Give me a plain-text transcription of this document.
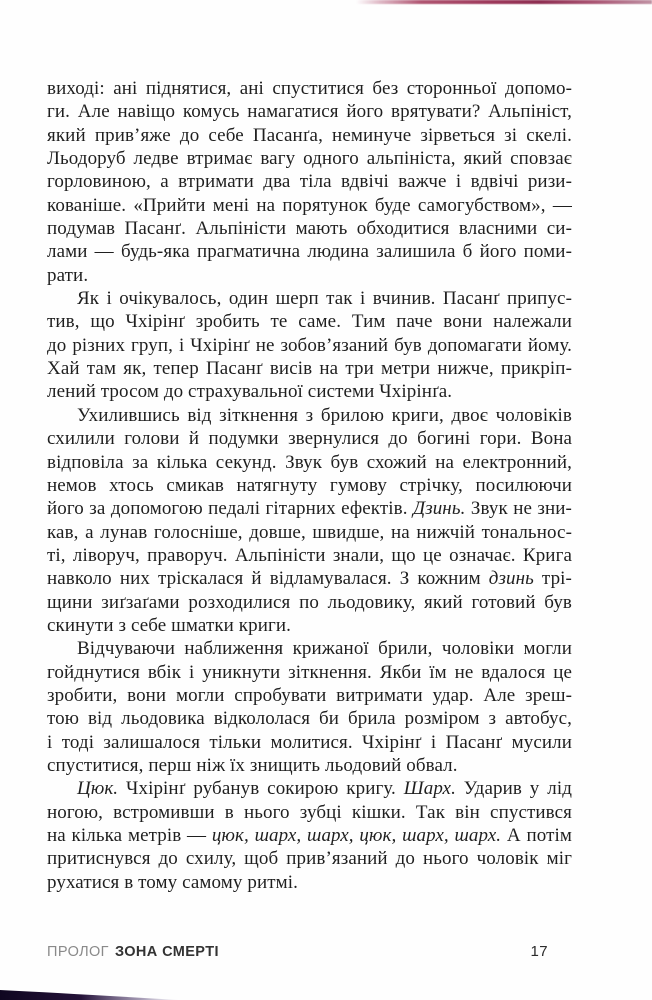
виході: ані піднятися, ані спуститися без сторонньої допомо-
ги. Але навіщо комусь намагатися його врятувати? Альпініст,
який прив’яже до себе Пасанґа, неминуче зірветься зі скелі.
Льодоруб ледве втримає вагу одного альпініста, який сповзає
горловиною, а втримати два тіла вдвічі важче і вдвічі ризи-
кованіше. «Прийти мені на порятунок буде самогубством», —
подумав Пасанґ. Альпіністи мають обходитися власними си-
лами — будь-яка прагматична людина залишила б його поми-
рати.
Як і очікувалось, один шерп так і вчинив. Пасанґ припус-
тив, що Чхірінґ зробить те саме. Тим паче вони належали
до різних груп, і Чхірінґ не зобов’язаний був допомагати йому.
Хай там як, тепер Пасанґ висів на три метри нижче, прикріп-
лений тросом до страхувальної системи Чхірінґа.
Ухилившись від зіткнення з брилою криги, двоє чоловіків
схилили голови й подумки звернулися до богині гори. Вона
відповіла за кілька секунд. Звук був схожий на електронний,
немов хтось смикав натягнуту гумову стрічку, посилюючи
його за допомогою педалі гітарних ефектів. Дзинь. Звук не зни-
кав, а лунав голосніше, довше, швидше, на нижчій тональнос-
ті, ліворуч, праворуч. Альпіністи знали, що це означає. Крига
навколо них тріскалася й відламувалася. З кожним дзинь трі-
щини зиґзаґами розходилися по льодовику, який готовий був
скинути з себе шматки криги.
Відчуваючи наближення крижаної брили, чоловіки могли
гойднутися вбік і уникнути зіткнення. Якби їм не вдалося це
зробити, вони могли спробувати витримати удар. Але зреш-
тою від льодовика відкололася би брила розміром з автобус,
і тоді залишалося тільки молитися. Чхірінґ і Пасанґ мусили
спуститися, перш ніж їх знищить льодовий обвал.
Цюк. Чхірінґ рубанув сокирою кригу. Шарх. Ударив у лід
ногою, встромивши в нього зубці кішки. Так він спустився
на кілька метрів — цюк, шарх, шарх, цюк, шарх, шарх. А потім
притиснувся до схилу, щоб прив’язаний до нього чоловік міг
рухатися в тому самому ритмі.
ПРОЛОГ ЗОНА СМЕРТІ	17
